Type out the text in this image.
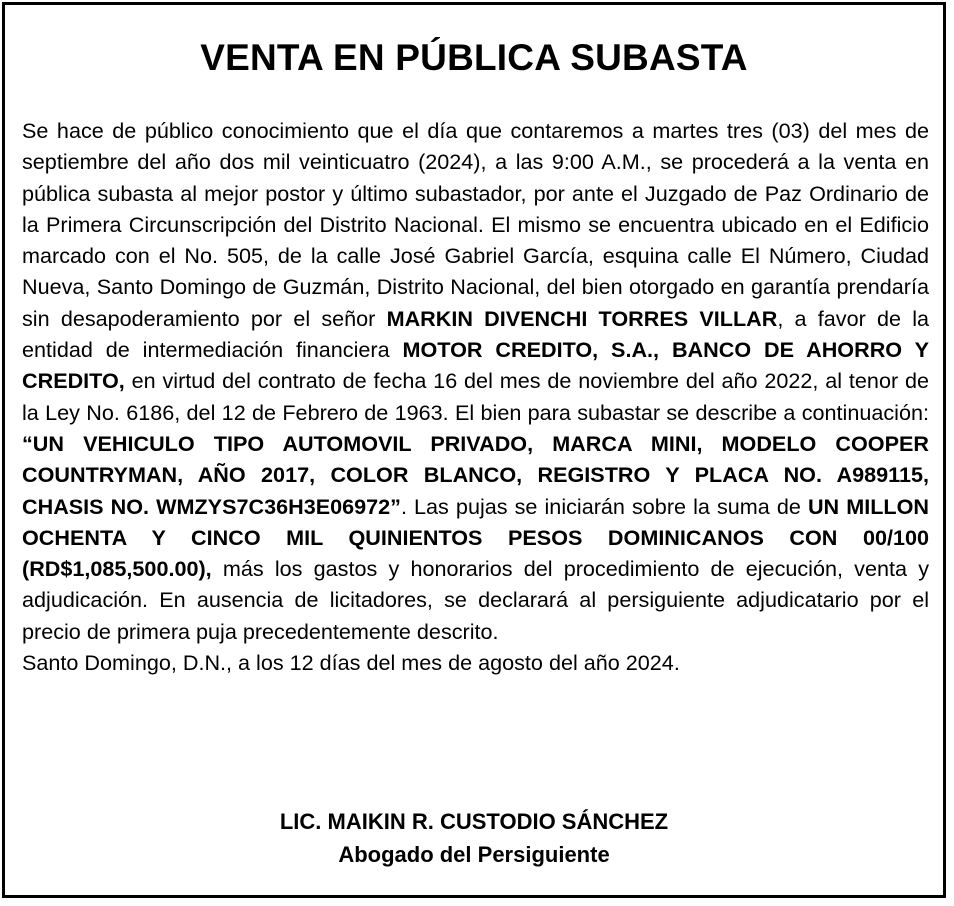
VENTA EN PÚBLICA SUBASTA

Se hace de público conocimiento que el día que contaremos a martes tres (03) del mes de septiembre del año dos mil veinticuatro (2024), a las 9:00 A.M., se procederá a la venta en pública subasta al mejor postor y último subastador, por ante el Juzgado de Paz Ordinario de la Primera Circunscripción del Distrito Nacional. El mismo se encuentra ubicado en el Edificio marcado con el No. 505, de la calle José Gabriel García, esquina calle El Número, Ciudad Nueva, Santo Domingo de Guzmán, Distrito Nacional, del bien otorgado en garantía prendaría sin desapoderamiento por el señor MARKIN DIVENCHI TORRES VILLAR, a favor de la entidad de intermediación financiera MOTOR CREDITO, S.A., BANCO DE AHORRO Y CREDITO, en virtud del contrato de fecha 16 del mes de noviembre del año 2022, al tenor de la Ley No. 6186, del 12 de Febrero de 1963. El bien para subastar se describe a continuación: “UN VEHICULO TIPO AUTOMOVIL PRIVADO, MARCA MINI, MODELO COOPER COUNTRYMAN, AÑO 2017, COLOR BLANCO, REGISTRO Y PLACA NO. A989115, CHASIS NO. WMZYS7C36H3E06972”. Las pujas se iniciarán sobre la suma de UN MILLON OCHENTA Y CINCO MIL QUINIENTOS PESOS DOMINICANOS CON 00/100 (RD$1,085,500.00), más los gastos y honorarios del procedimiento de ejecución, venta y adjudicación. En ausencia de licitadores, se declarará al persiguiente adjudicatario por el precio de primera puja precedentemente descrito.

Santo Domingo, D.N., a los 12 días del mes de agosto del año 2024.

LIC. MAIKIN R. CUSTODIO SÁNCHEZ
Abogado del Persiguiente
